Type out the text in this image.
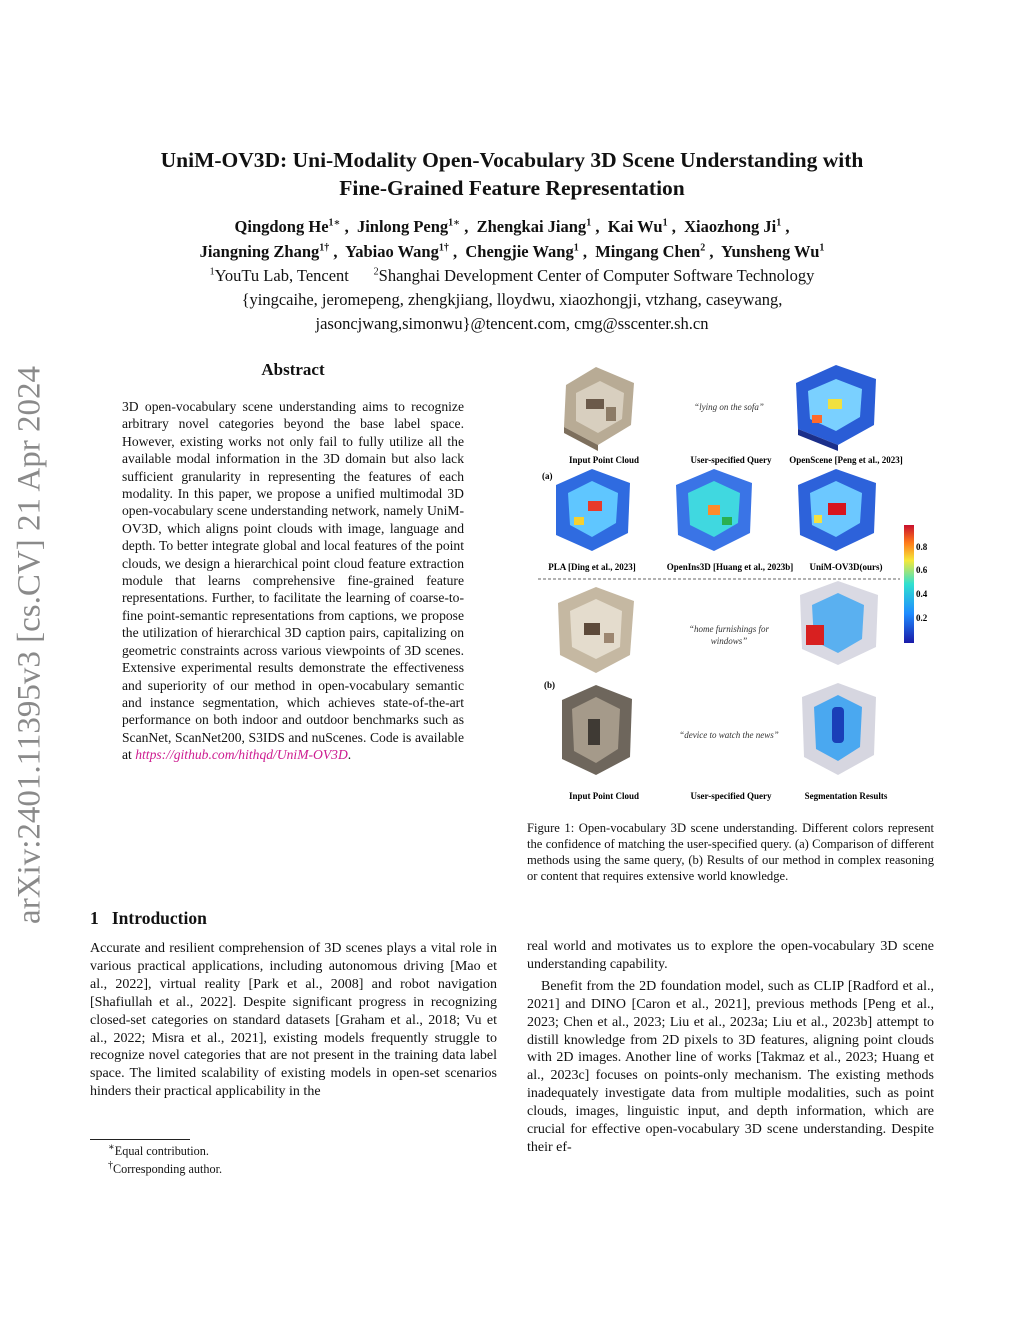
UniM-OV3D: Uni-Modality Open-Vocabulary 3D Scene Understanding with
Fine-Grained Feature Representation
Qingdong $He^{1∗}$ ,  Jinlong Peng$^{1∗}$ ,  Zhengkai Jiang$^1$ ,  Kai Wu$^1$ ,  Xiaozhong Ji$^1$ ,
Jiangning Zhang$^{1\dagger}$ ,  Yabiao Wang$^{1\dagger}$ ,  Chengjie Wang$^1$ ,  Mingang Chen$^2$ ,  Yunsheng Wu$^1$
$^1$YouTu Lab, Tencent $^2$Shanghai Development Center of Computer Software Technology
{yingcaihe, jeromepeng, zhengkjiang, lloydwu, xiaozhongji, vtzhang, caseywang,
jasoncjwang,simonwu}@tencent.com, cmg@sscenter.sh.cn
arXiv:2401.11395v3 [cs.CV] 21 Apr 2024	Abstract
3D open-vocabulary scene understanding aims to recognize arbitrary novel categories beyond the base label space. However, existing works not only fail to fully utilize all the available modal information in the 3D domain but also lack sufficient granularity in representing the features of each modality. In this paper, we propose a unified multimodal 3D open-vocabulary scene understanding network, namely UniM-OV3D, which aligns point clouds with image, language and depth. To better integrate global and local features of the point clouds, we design a hierarchical point cloud feature extraction module that learns comprehensive fine-grained feature representations. Further, to facilitate the learning of coarse-to-fine point-semantic representations from captions, we propose the utilization of hierarchical 3D caption pairs, capitalizing on geometric constraints across various viewpoints of 3D scenes. Extensive experimental results demonstrate the effectiveness and superiority of our method in open-vocabulary semantic and instance segmentation, which achieves state-of-the-art performance on both indoor and outdoor benchmarks such as ScanNet, ScanNet200, S3IDS and nuScenes. Code is available at https://github.com/hithqd/UniM-OV3D.
“lying on the sofa”
Input Point Cloud	User-specified Query OpenScene [Peng et al., 2023]
(a)
0.8
0.6
0.4
0.2
PLA [Ding et al., 2023]	OpenIns3D [Huang et al., 2023b] UniM-OV3D(ours)
“home furnishings for
windows”
(b)
“device to watch the news”
Input Point Cloud	User-specified Query	Segmentation Results
Figure 1: Open-vocabulary 3D scene understanding. Different colors represent the confidence of matching the user-specified query. (a) Comparison of different methods using the same query, (b) Results of our method in complex reasoning or content that requires extensive world knowledge.
1 Introduction
Accurate and resilient comprehension of 3D scenes plays a vital role in various practical applications, including autonomous driving [Mao et al., 2022], virtual reality [Park et al., 2008] and robot navigation [Shafiullah et al., 2022]. Despite significant progress in recognizing closed-set categories on standard datasets [Graham et al., 2018; Vu et al., 2022; Misra et al., 2021], existing models frequently struggle to recognize novel categories that are not present in the training data label space. The limited scalability of existing models in open-set scenarios hinders their practical applicability in the
real world and motivates us to explore the open-vocabulary 3D scene understanding capability.
Benefit from the 2D foundation model, such as CLIP [Radford et al., 2021] and DINO [Caron et al., 2021], previous methods [Peng et al., 2023; Chen et al., 2023; Liu et al., 2023a; Liu et al., 2023b] attempt to distill knowledge from 2D pixels to 3D features, aligning point clouds with 2D images. Another line of works [Takmaz et al., 2023; Huang et al., 2023c] focuses on points-only mechanism. The existing methods inadequately investigate data from multiple modalities, such as point clouds, images, linguistic input, and depth information, which are crucial for effective open-vocabulary 3D scene understanding. Despite their ef-
∗Equal contribution.
†Corresponding author.
